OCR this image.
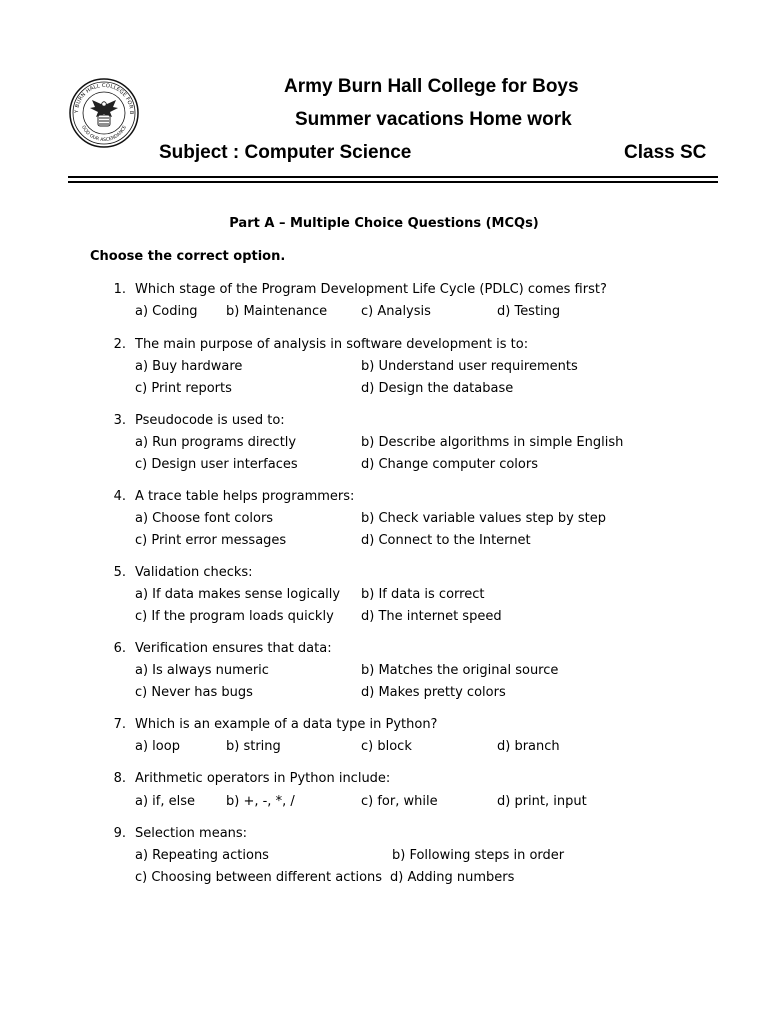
Y BURN HALL COLLEGE FOR B
GOD OUR ASCENDANCE
Army Burn Hall College for Boys
Summer vacations Home work
Subject : Computer Science	Class SC
Part A – Multiple Choice Questions (MCQs)
Choose the correct option.
1. Which stage of the Program Development Life Cycle (PDLC) comes first?
a) Coding b) Maintenance	c) Analysis	d) Testing
2. The main purpose of analysis in software development is to:
a) Buy hardware	b) Understand user requirements
c) Print reports	d) Design the database
3. Pseudocode is used to:
a) Run programs directly	b) Describe algorithms in simple English
c) Design user interfaces	d) Change computer colors
4. A trace table helps programmers:
a) Choose font colors	b) Check variable values step by step
c) Print error messages	d) Connect to the Internet
5. Validation checks:
a) If data makes sense logically b) If data is correct
c) If the program loads quickly d) The internet speed
6. Verification ensures that data:
a) Is always numeric	b) Matches the original source
c) Never has bugs	d) Makes pretty colors
7. Which is an example of a data type in Python?
a) loop	b) string	c) block	d) branch
8. Arithmetic operators in Python include:
a) if, else b) +, -, *, /	c) for, while	d) print, input
9. Selection means:
a) Repeating actions	b) Following steps in order
c) Choosing between different actions d) Adding numbers
